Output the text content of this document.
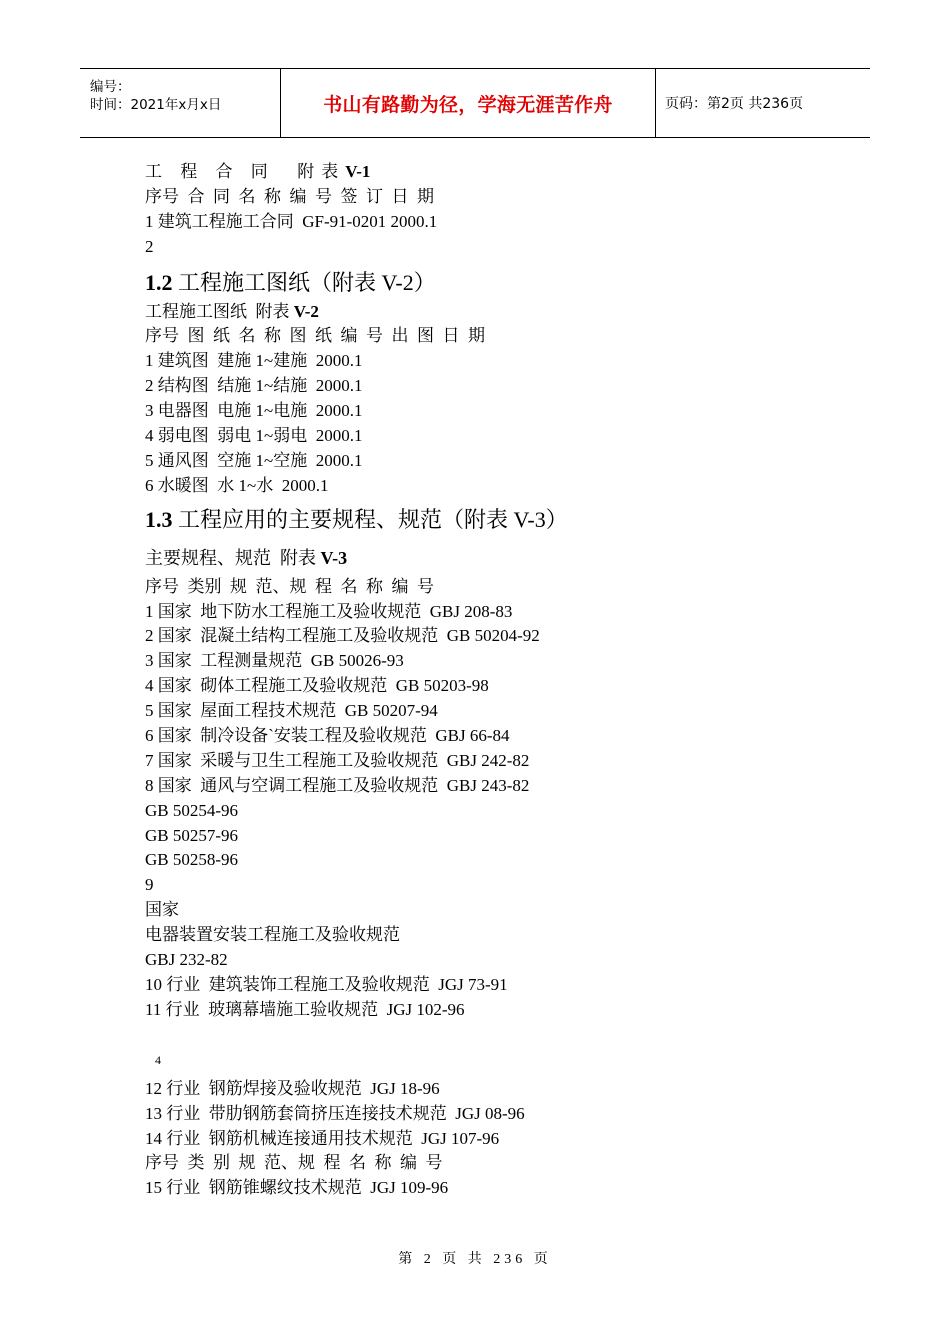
编号：
时间：2021年x月x日	书山有路勤为径，学海无涯苦作舟	页码：第2页 共236页
工 程 合 同  附表V-1
序号  合  同  名  称  编  号  签  订  日  期
1 建筑工程施工合同  GF-91-0201 2000.1
2
1.2 工程施工图纸（附表 V-2）
工程施工图纸  附表 V-2
序号  图  纸  名  称  图  纸  编  号  出  图  日  期
1 建筑图  建施 1~建施  2000.1
2 结构图  结施 1~结施  2000.1
3 电器图  电施 1~电施  2000.1
4 弱电图  弱电 1~弱电  2000.1
5 通风图  空施 1~空施  2000.1
6 水暖图  水 1~水  2000.1
1.3 工程应用的主要规程、规范（附表 V-3）
主要规程、规范  附表 V-3
序号  类别  规  范、规  程  名  称  编  号
1 国家  地下防水工程施工及验收规范  GBJ 208-83
2 国家  混凝土结构工程施工及验收规范  GB 50204-92
3 国家  工程测量规范  GB 50026-93
4 国家  砌体工程施工及验收规范  GB 50203-98
5 国家  屋面工程技术规范  GB 50207-94
6 国家  制冷设备`安装工程及验收规范  GBJ 66-84
7 国家  采暖与卫生工程施工及验收规范  GBJ 242-82
8 国家  通风与空调工程施工及验收规范  GBJ 243-82
GB 50254-96
GB 50257-96
GB 50258-96
9
国家
电器装置安装工程施工及验收规范
GBJ 232-82
10 行业  建筑装饰工程施工及验收规范  JGJ 73-91
11 行业  玻璃幕墙施工验收规范  JGJ 102-96
4
12 行业  钢筋焊接及验收规范  JGJ 18-96
13 行业  带肋钢筋套筒挤压连接技术规范  JGJ 08-96
14 行业  钢筋机械连接通用技术规范  JGJ 107-96
序号  类  别  规  范、规  程  名  称  编  号
15 行业  钢筋锥螺纹技术规范  JGJ 109-96
第 2 页 共 236 页
